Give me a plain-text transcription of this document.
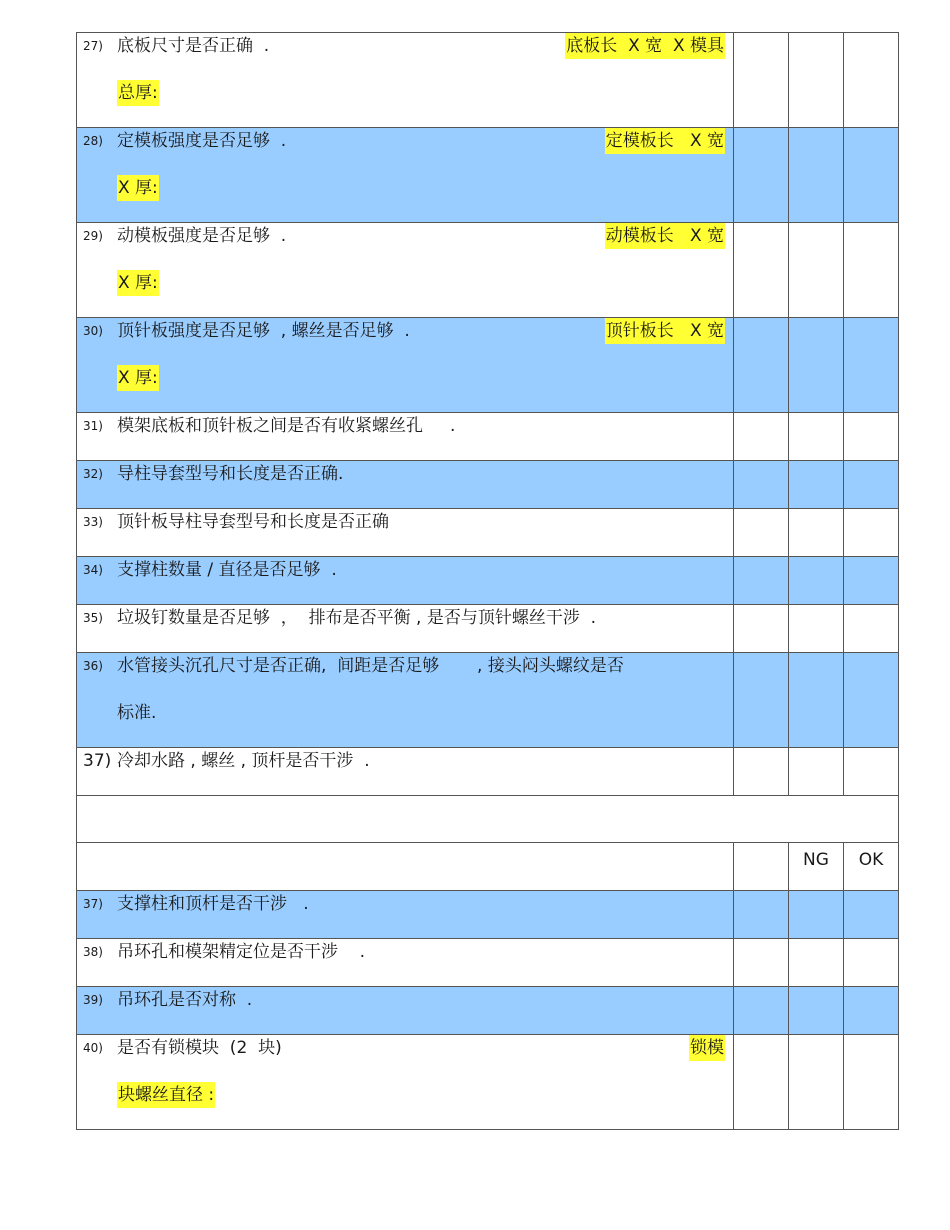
27) 底板尺寸是否正确  . 底板长  X 宽  X 模具
总厚:			

28) 定模板强度是否足够  . 定模板长   X 宽
X 厚:			

29) 动模板强度是否足够  . 动模板长   X 宽
X 厚:			

30) 顶针板强度是否足够  , 螺丝是否足够  . 顶针板长   X 宽
X 厚:			

31) 模架底板和顶针板之间是否有收紧螺丝孔     .			

32) 导柱导套型号和长度是否正确.			

33) 顶针板导柱导套型号和长度是否正确			

34) 支撑柱数量 / 直径是否足够  .			

35) 垃圾钉数量是否足够  ，  排布是否平衡 , 是否与顶针螺丝干涉  .			

36) 水管接头沉孔尺寸是否正确,  间距是否足够       , 接头闷头螺纹是否
标准.			

37) 冷却水路 , 螺丝 , 顶杆是否干涉  .			

		NG	OK

37) 支撑柱和顶杆是否干涉   .			

38) 吊环孔和模架精定位是否干涉    .			

39) 吊环孔是否对称  .			

40) 是否有锁模块  (2  块) 锁模
块螺丝直径 :			
